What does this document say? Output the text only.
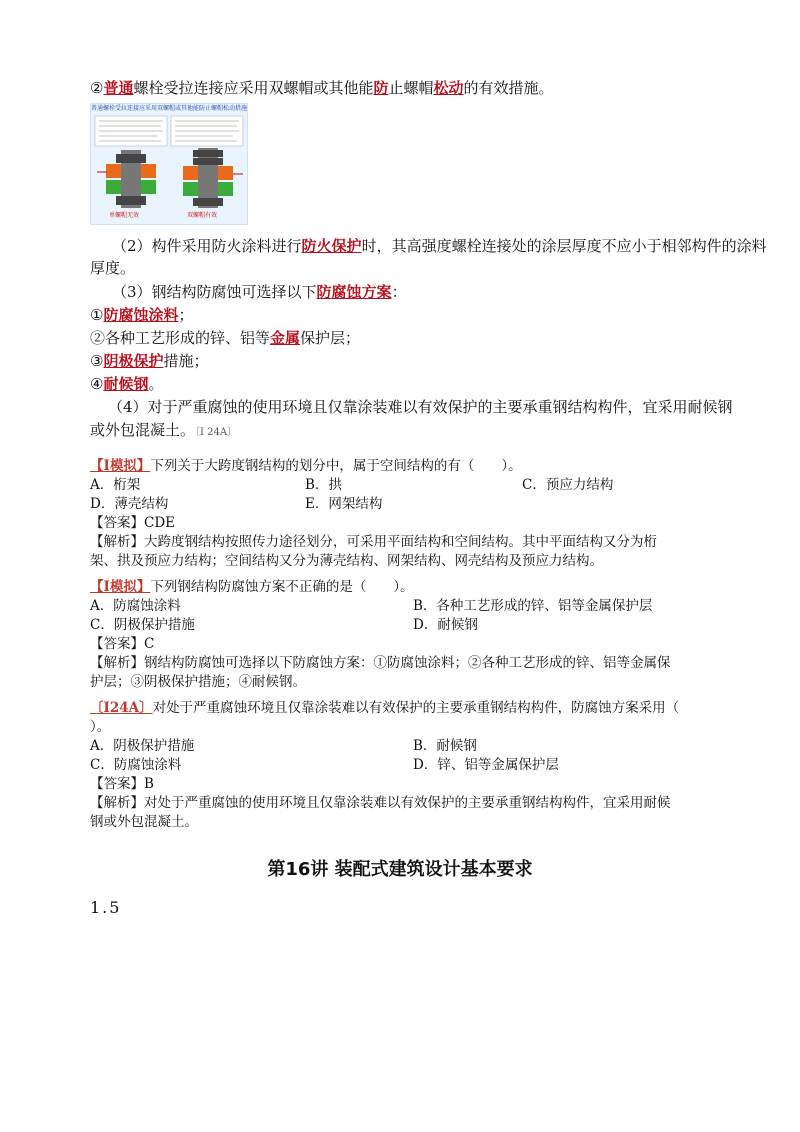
②普通螺栓受拉连接应采用双螺帽或其他能防止螺帽松动的有效措施。
普通螺栓受拉连接应采用双螺帽或其他能防止螺帽松动措施
单螺帽无效	双螺帽有效
（2）构件采用防火涂料进行防火保护时，其高强度螺栓连接处的涂层厚度不应小于相邻构件的涂料
厚度。
（3）钢结构防腐蚀可选择以下防腐蚀方案：
①防腐蚀涂料；
②各种工艺形成的锌、铝等金属保护层；
③阴极保护措施；
④耐候钢。
（4）对于严重腐蚀的使用环境且仅靠涂装难以有效保护的主要承重钢结构构件，宜采用耐候钢
或外包混凝土。〔I 24A〕
【I模拟】下列关于大跨度钢结构的划分中，属于空间结构的有（　　）。
A．桁架	B．拱	C．预应力结构
D．薄壳结构	E．网架结构
【答案】CDE
【解析】大跨度钢结构按照传力途径划分，可采用平面结构和空间结构。其中平面结构又分为桁
架、拱及预应力结构；空间结构又分为薄壳结构、网架结构、网壳结构及预应力结构。
【I模拟】下列钢结构防腐蚀方案不正确的是（　　）。
A．防腐蚀涂料	B．各种工艺形成的锌、铝等金属保护层
C．阴极保护措施	D．耐候钢
【答案】C
【解析】钢结构防腐蚀可选择以下防腐蚀方案：①防腐蚀涂料；②各种工艺形成的锌、铝等金属保
护层；③阴极保护措施；④耐候钢。
〔I24A〕对处于严重腐蚀环境且仅靠涂装难以有效保护的主要承重钢结构构件，防腐蚀方案采用（
）。
A．阴极保护措施	B．耐候钢
C．防腐蚀涂料	D．锌、铝等金属保护层
【答案】B
【解析】对处于严重腐蚀的使用环境且仅靠涂装难以有效保护的主要承重钢结构构件，宜采用耐候
钢或外包混凝土。
第16讲 装配式建筑设计基本要求
1.5
